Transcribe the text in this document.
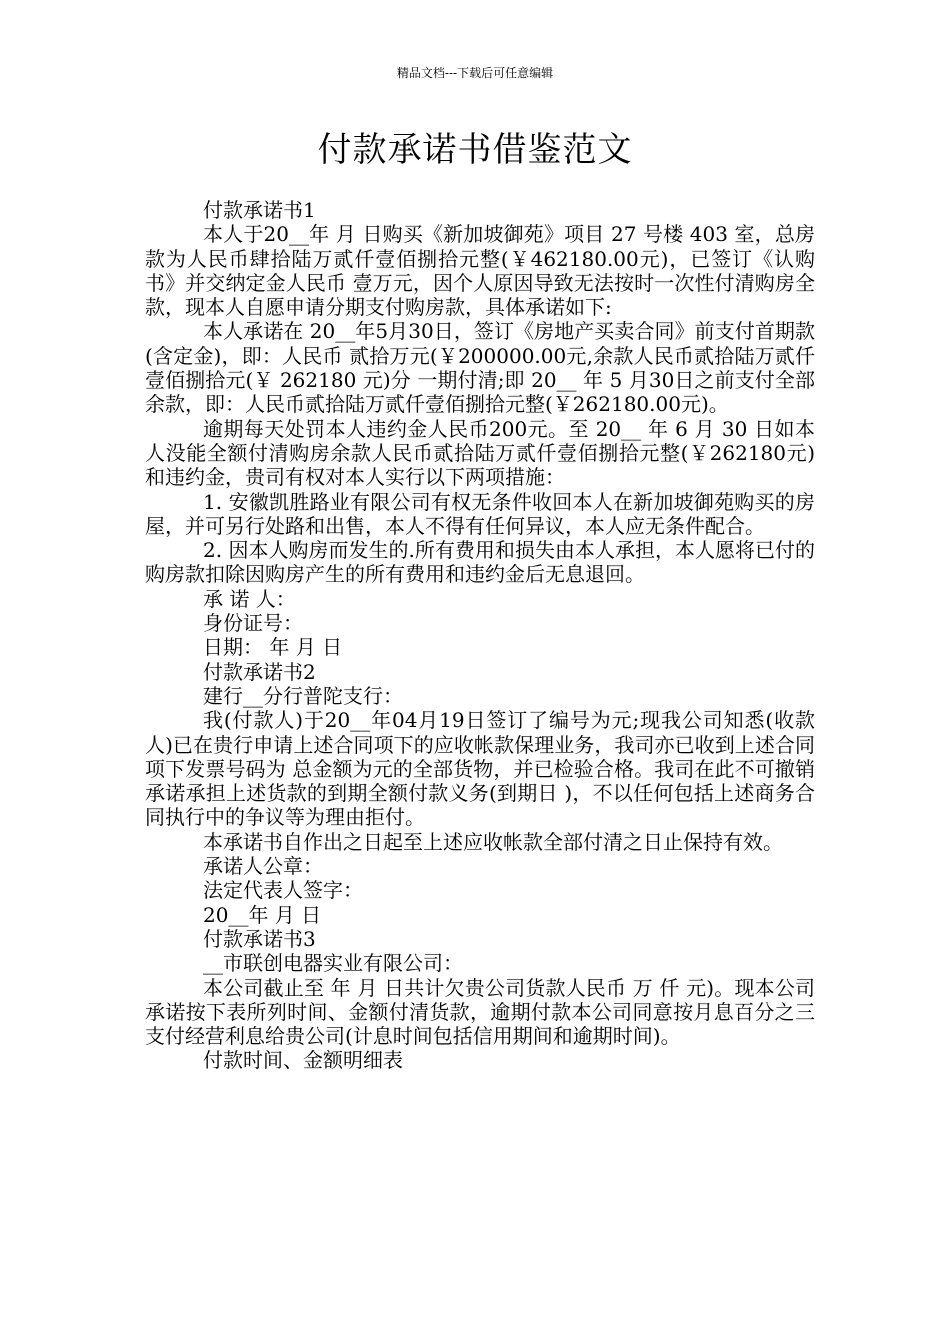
精品文档---下载后可任意编辑
付款承诺书借鉴范文

付款承诺书1

本人于20__年 月 日购买《新加坡御苑》项目 27 号楼 403 室，总房款为人民币肆拾陆万贰仟壹佰捌拾元整(￥462180.00元)，已签订《认购书》并交纳定金人民币 壹万元，因个人原因导致无法按时一次性付清购房全款，现本人自愿申请分期支付购房款，具体承诺如下:

本人承诺在 20__年5月30日，签订《房地产买卖合同》前支付首期款(含定金)，即：人民币 贰拾万元(￥200000.00元,余款人民币贰拾陆万贰仟壹佰捌拾元(￥ 262180 元)分 一期付清;即 20__ 年 5 月30日之前支付全部余款，即：人民币贰拾陆万贰仟壹佰捌拾元整(￥262180.00元)。

逾期每天处罚本人违约金人民币200元。至 20__ 年 6 月 30 日如本人没能全额付清购房余款人民币贰拾陆万贰仟壹佰捌拾元整(￥262180元)和违约金，贵司有权对本人实行以下两项措施：

1. 安徽凯胜路业有限公司有权无条件收回本人在新加坡御苑购买的房屋，并可另行处路和出售，本人不得有任何异议，本人应无条件配合。

2. 因本人购房而发生的.所有费用和损失由本人承担，本人愿将已付的购房款扣除因购房产生的所有费用和违约金后无息退回。

承 诺 人：

身份证号：

日期： 年 月 日

付款承诺书2

建行__分行普陀支行：

我(付款人)于20__年04月19日签订了编号为元;现我公司知悉(收款人)已在贵行申请上述合同项下的应收帐款保理业务，我司亦已收到上述合同项下发票号码为 总金额为元的全部货物，并已检验合格。我司在此不可撤销承诺承担上述货款的到期全额付款义务(到期日 )，不以任何包括上述商务合同执行中的争议等为理由拒付。

本承诺书自作出之日起至上述应收帐款全部付清之日止保持有效。

承诺人公章：

法定代表人签字：

20__年 月 日

付款承诺书3

__市联创电器实业有限公司：

本公司截止至 年 月 日共计欠贵公司货款人民币 万 仟 元)。现本公司承诺按下表所列时间、金额付清货款，逾期付款本公司同意按月息百分之三支付经营利息给贵公司(计息时间包括信用期间和逾期时间)。

付款时间、金额明细表
